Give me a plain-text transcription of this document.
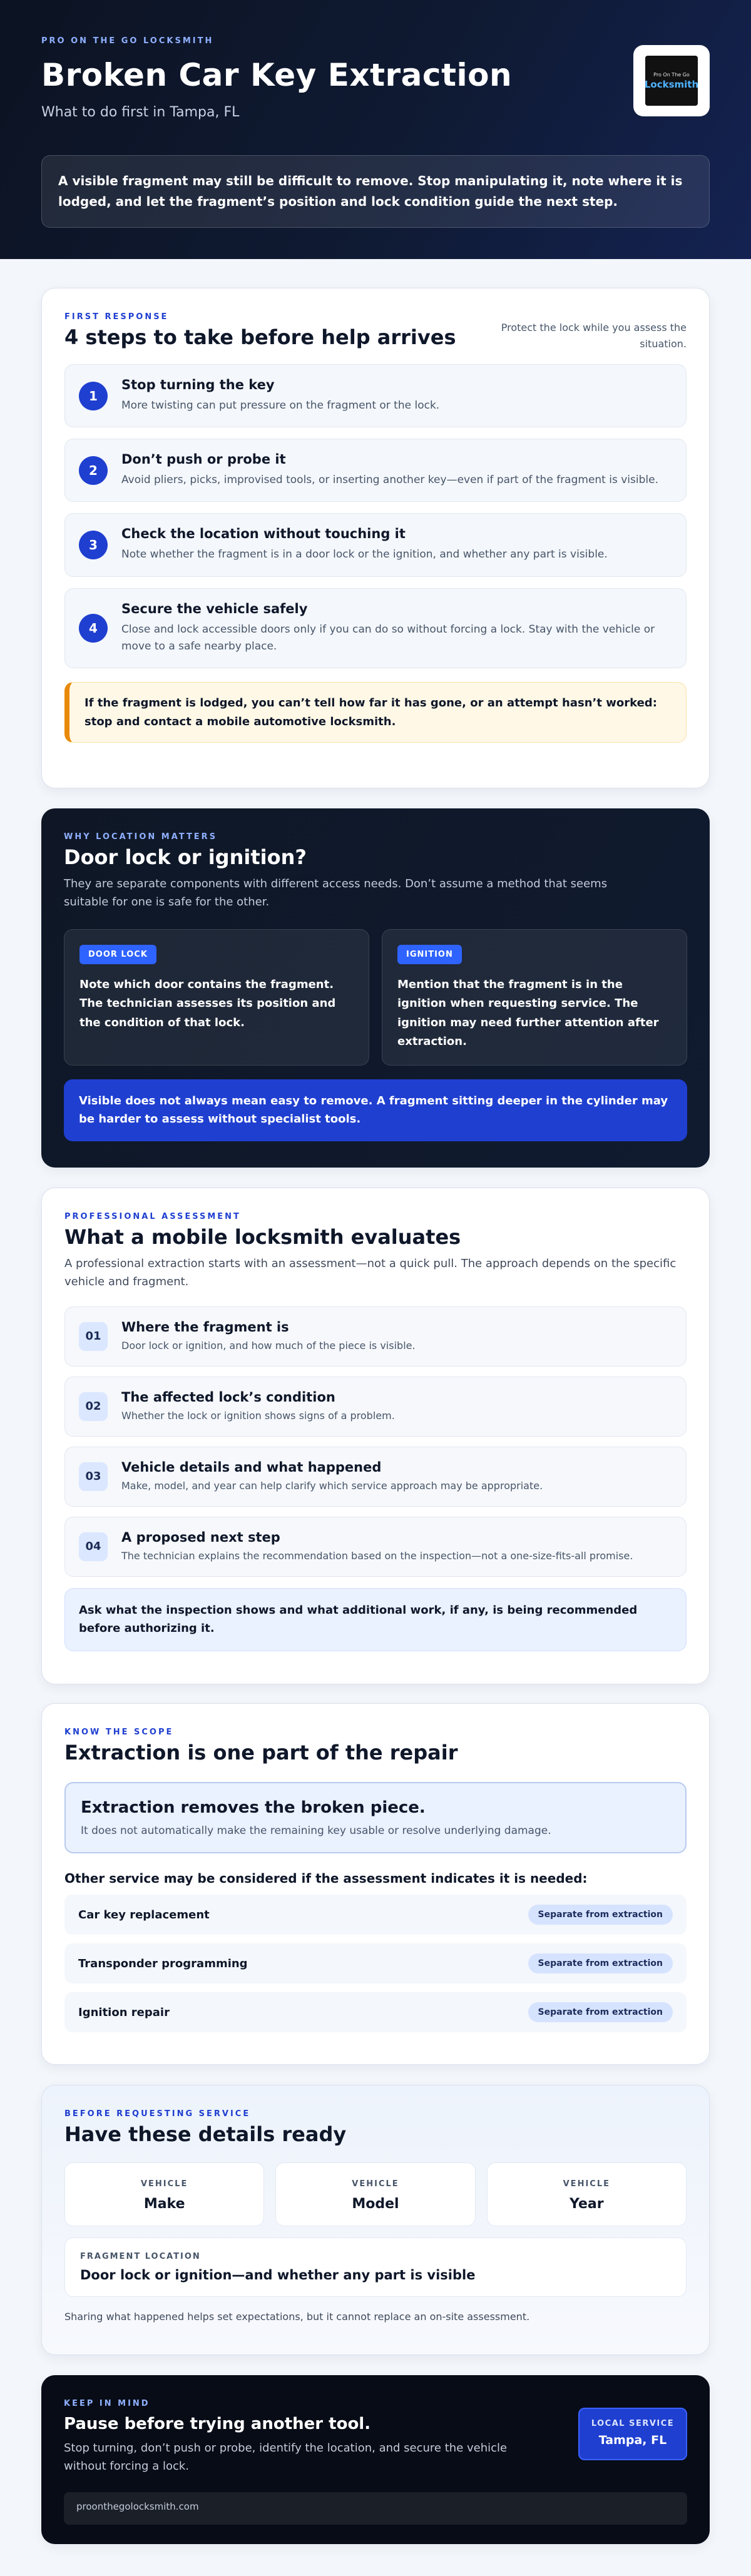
PRO ON THE GO LOCKSMITH
Broken Car Key Extraction
What to do first in Tampa, FL
Pro On The Go
Locksmith
A visible fragment may still be difficult to remove. Stop manipulating it, note where it is lodged, and let the fragment’s position and lock condition guide the next step.
FIRST RESPONSE
4 steps to take before help arrives	Protect the lock while you assess the situation.
1
Stop turning the key
More twisting can put pressure on the fragment or the lock.
2
Don’t push or probe it
Avoid pliers, picks, improvised tools, or inserting another key—even if part of the fragment is visible.
3
Check the location without touching it
Note whether the fragment is in a door lock or the ignition, and whether any part is visible.
4
Secure the vehicle safely
Close and lock accessible doors only if you can do so without forcing a lock. Stay with the vehicle or move to a safe nearby place.
If the fragment is lodged, you can’t tell how far it has gone, or an attempt hasn’t worked: stop and contact a mobile automotive locksmith.
WHY LOCATION MATTERS
Door lock or ignition?

They are separate components with different access needs. Don’t assume a method that seems suitable for one is safe for the other.

DOOR LOCK
Note which door contains the fragment. The technician assesses its position and the condition of that lock.
IGNITION
Mention that the fragment is in the ignition when requesting service. The ignition may need further attention after extraction.
Visible does not always mean easy to remove. A fragment sitting deeper in the cylinder may be harder to assess without specialist tools.
PROFESSIONAL ASSESSMENT
What a mobile locksmith evaluates

A professional extraction starts with an assessment—not a quick pull. The approach depends on the specific vehicle and fragment.

01
Where the fragment is
Door lock or ignition, and how much of the piece is visible.
02
The affected lock’s condition
Whether the lock or ignition shows signs of a problem.
03
Vehicle details and what happened
Make, model, and year can help clarify which service approach may be appropriate.
04
A proposed next step
The technician explains the recommendation based on the inspection—not a one-size-fits-all promise.
Ask what the inspection shows and what additional work, if any, is being recommended before authorizing it.
KNOW THE SCOPE
Extraction is one part of the repair
Extraction removes the broken piece.
It does not automatically make the remaining key usable or resolve underlying damage.
Other service may be considered if the assessment indicates it is needed:
Car key replacement	Separate from extraction
Transponder programming	Separate from extraction
Ignition repair	Separate from extraction
BEFORE REQUESTING SERVICE
Have these details ready
VEHICLE
Make
VEHICLE
Model
VEHICLE
Year
FRAGMENT LOCATION
Door lock or ignition—and whether any part is visible
Sharing what happened helps set expectations, but it cannot replace an on-site assessment.
KEEP IN MIND
Pause before trying another tool.
Stop turning, don’t push or probe, identify the location, and secure the vehicle without forcing a lock.
LOCAL SERVICE
Tampa, FL
proonthegolocksmith.com
